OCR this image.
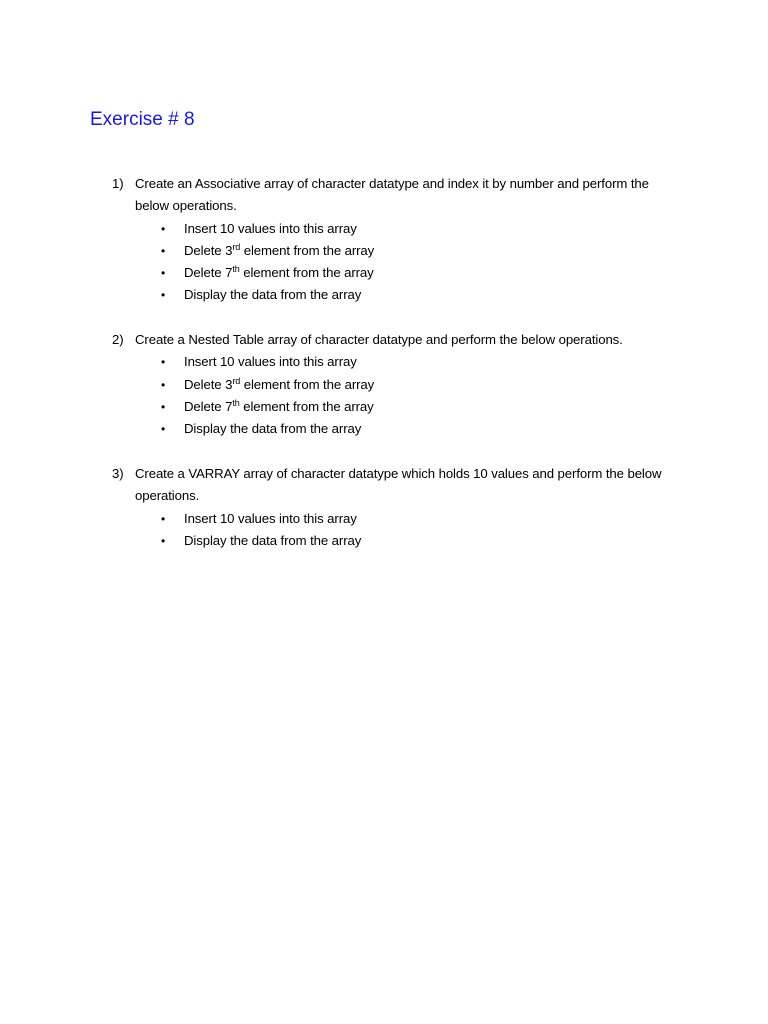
Exercise # 8
1) Create an Associative array of character datatype and index it by number and perform the below operations.
• Insert 10 values into this array
• Delete 3rd element from the array
• Delete 7th element from the array
• Display the data from the array
2) Create a Nested Table array of character datatype and perform the below operations.
• Insert 10 values into this array
• Delete 3rd element from the array
• Delete 7th element from the array
• Display the data from the array
3) Create a VARRAY array of character datatype which holds 10 values and perform the below operations.
• Insert 10 values into this array
• Display the data from the array
